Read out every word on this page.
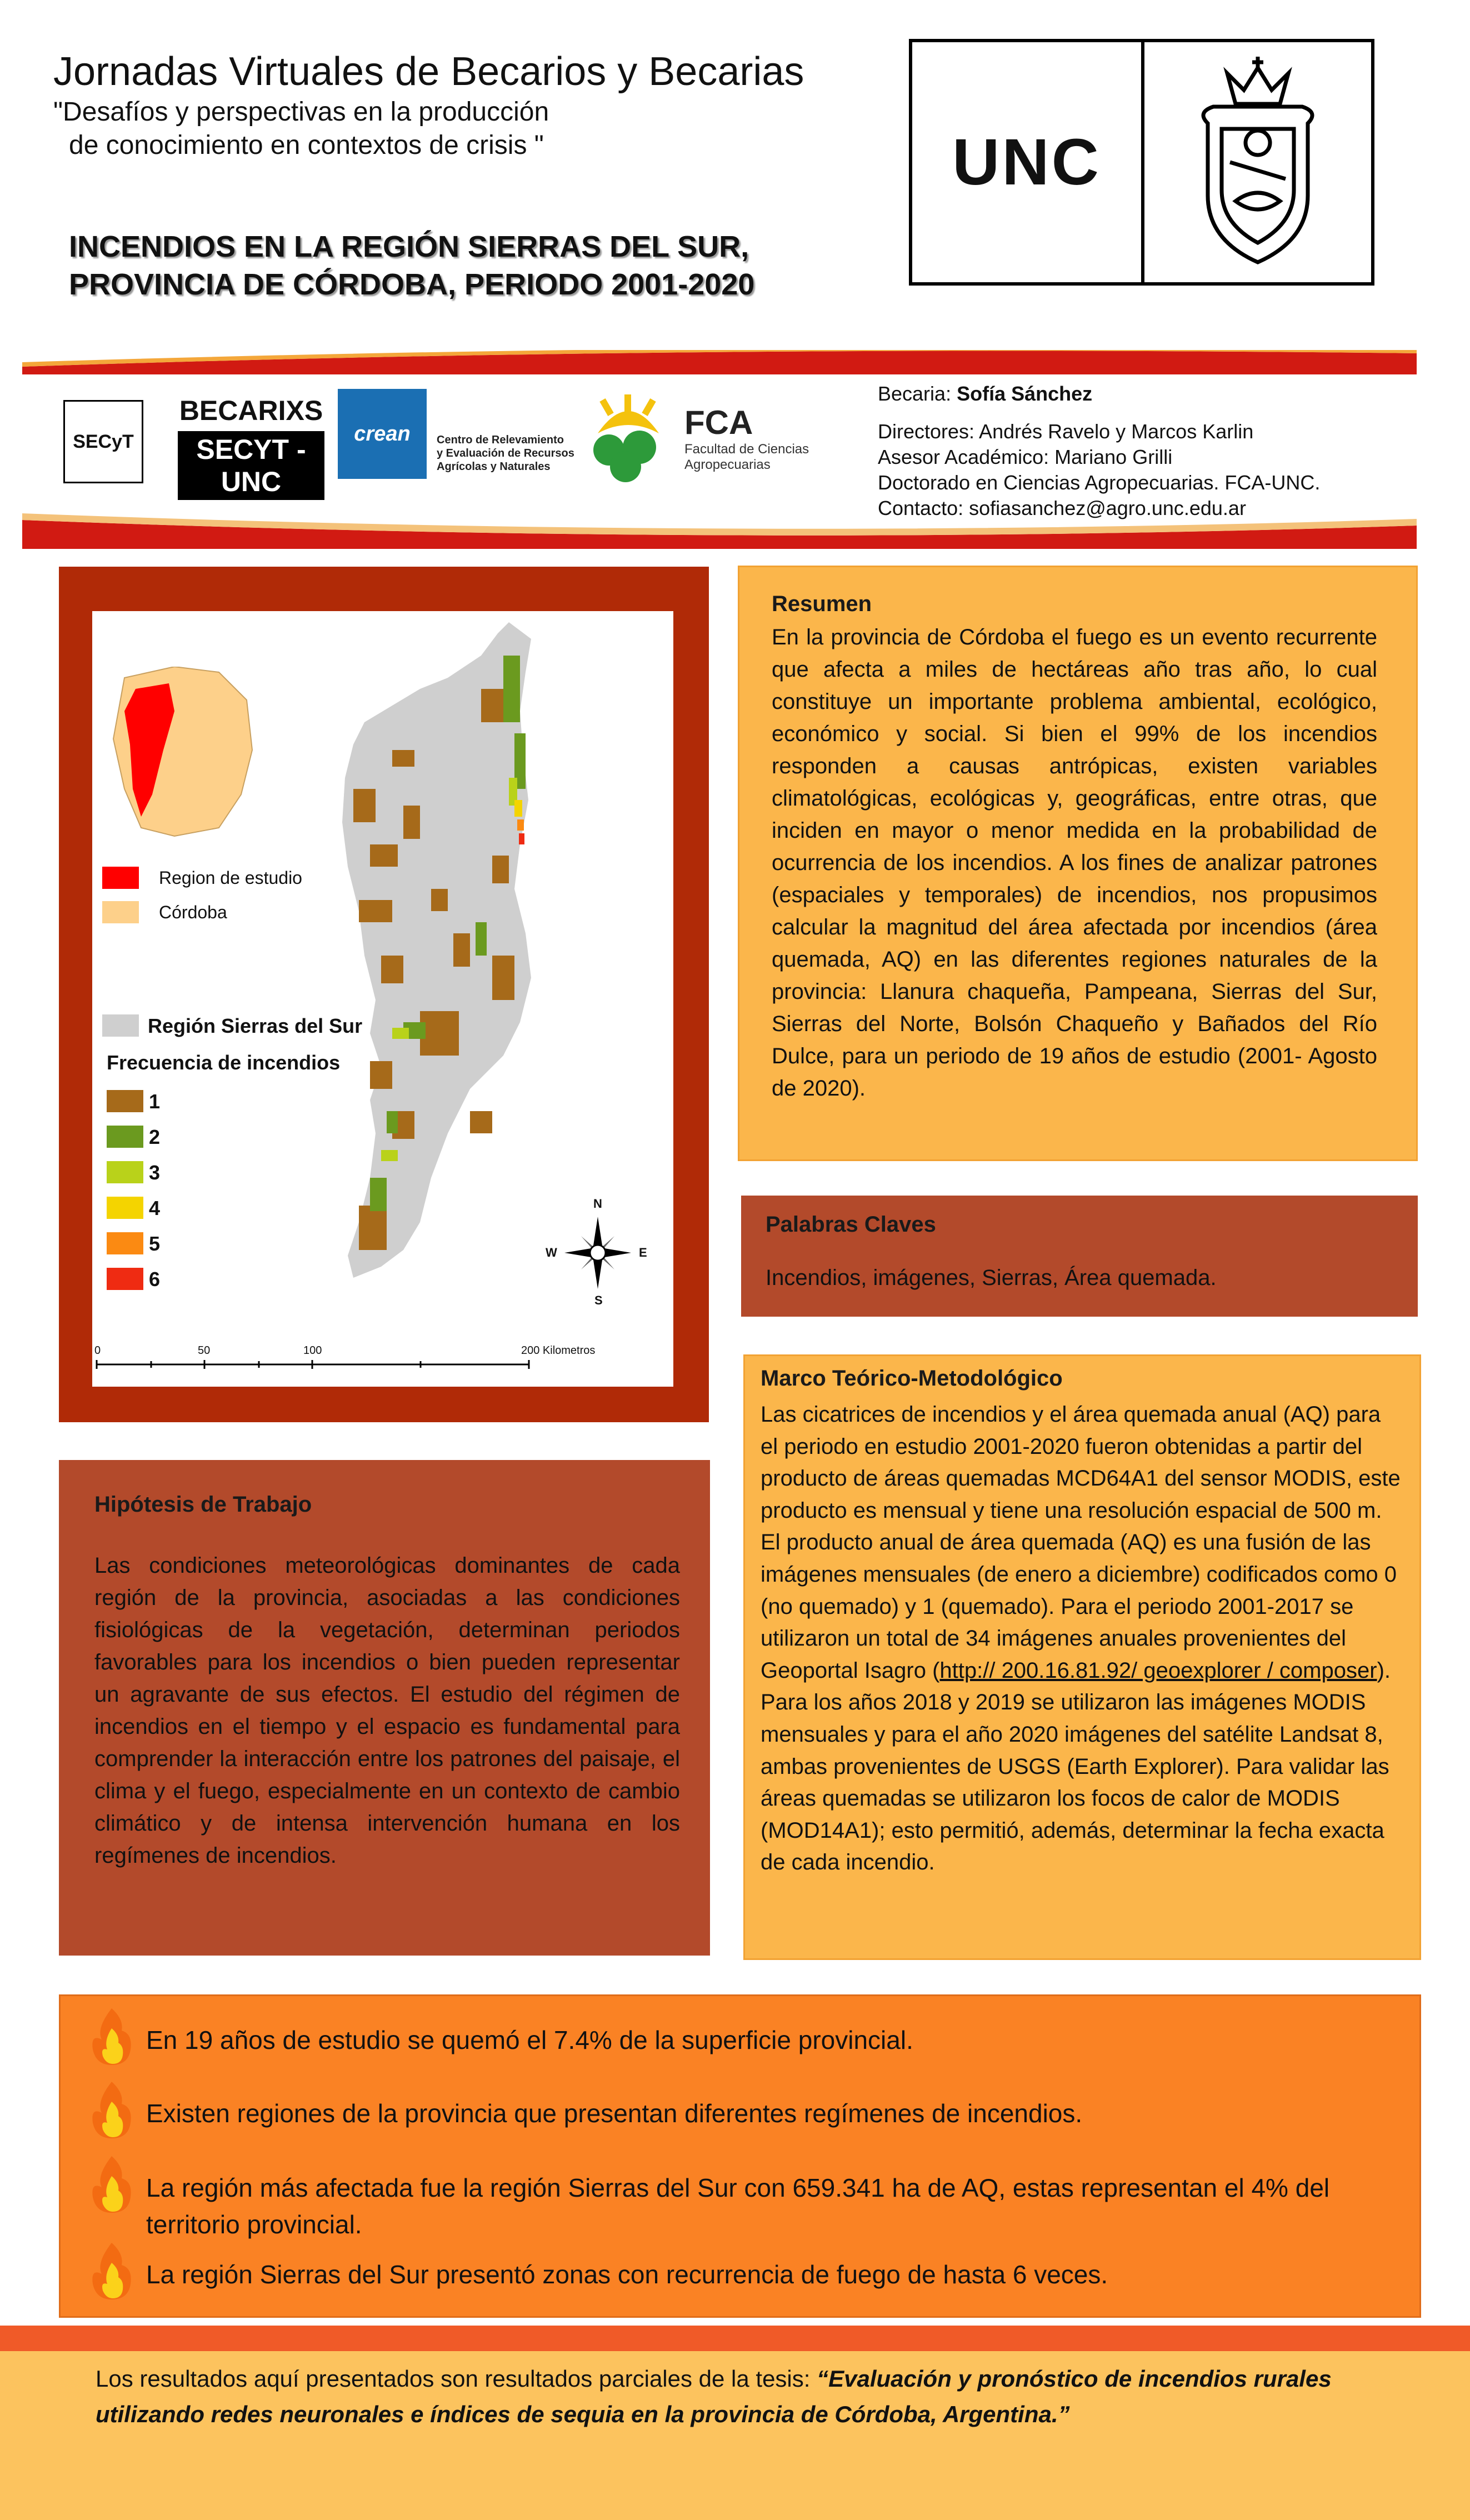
Jornadas Virtuales de Becarios y Becarias
"Desafíos y perspectivas en la producción
de conocimiento en contextos de crisis "
INCENDIOS EN LA REGIÓN SIERRAS DEL SUR,
PROVINCIA DE CÓRDOBA, PERIODO 2001-2020
UNC
SECyT
BECARIXS
SECYT -UNC
crean	Centro de Relevamiento
y Evaluación de Recursos
Agrícolas y Naturales
FCA
Facultad de Ciencias
Agropecuarias
Becaria: Sofía Sánchez
Directores: Andrés Ravelo y Marcos Karlin
Asesor Académico: Mariano Grilli
Doctorado en Ciencias Agropecuarias. FCA-UNC.
Contacto: sofiasanchez@agro.unc.edu.ar
Region de estudio
Córdoba
Región Sierras del Sur
Frecuencia de incendios
1
2
3
4
5
6
N
S
W	E
0	50	100	200 Kilometros
Resumen
En la provincia de Córdoba el fuego es un evento recurrente que afecta a miles de hectáreas año tras año, lo cual constituye un importante problema ambiental, ecológico, económico y social. Si bien el 99% de los incendios responden a causas antrópicas, existen variables climatológicas, ecológicas y, geográficas, entre otras, que inciden en mayor o menor medida en la probabilidad de ocurrencia de los incendios. A los fines de analizar patrones (espaciales y temporales) de incendios, nos propusimos calcular la magnitud del área afectada por incendios (área quemada, AQ) en las diferentes regiones naturales de la provincia: Llanura chaqueña, Pampeana, Sierras del Sur, Sierras del Norte, Bolsón Chaqueño y Bañados del Río Dulce, para un periodo de 19 años de estudio (2001- Agosto de 2020).
Palabras Claves
Incendios, imágenes, Sierras, Área quemada.
Hipótesis de Trabajo
Las condiciones meteorológicas dominantes de cada región de la provincia, asociadas a las condiciones fisiológicas de la vegetación, determinan periodos favorables para los incendios o bien pueden representar un agravante de sus efectos. El estudio del régimen de incendios en el tiempo y el espacio es fundamental para comprender la interacción entre los patrones del paisaje, el clima y el fuego, especialmente en un contexto de cambio climático y de intensa intervención humana en los regímenes de incendios.
Marco Teórico-Metodológico
Las cicatrices de incendios y el área quemada anual (AQ) para el periodo en estudio 2001-2020 fueron obtenidas a partir del producto de áreas quemadas MCD64A1 del sensor MODIS, este producto es mensual y tiene una resolución espacial de 500 m. El producto anual de área quemada (AQ) es una fusión de las imágenes mensuales (de enero a diciembre) codificados como 0 (no quemado) y 1 (quemado). Para el periodo 2001-2017 se utilizaron un total de 34 imágenes anuales provenientes del Geoportal Isagro (http:// 200.16.81.92/ geoexplorer / composer). Para los años 2018 y 2019 se utilizaron las imágenes MODIS mensuales y para el año 2020 imágenes del satélite Landsat 8, ambas provenientes de USGS (Earth Explorer). Para validar las áreas quemadas se utilizaron los focos de calor de MODIS (MOD14A1); esto permitió, además, determinar la fecha exacta de cada incendio.
En 19 años de estudio se quemó el 7.4% de la superficie provincial.
Existen regiones de la provincia que presentan diferentes regímenes de incendios.
La región más afectada fue la región Sierras del Sur con 659.341 ha de AQ, estas representan el 4% del territorio provincial.
La región Sierras del Sur presentó zonas con recurrencia de fuego de hasta 6 veces.
Los resultados aquí presentados son resultados parciales de la tesis: “Evaluación y pronóstico de incendios rurales utilizando redes neuronales e índices de sequia en la provincia de Córdoba, Argentina.”
